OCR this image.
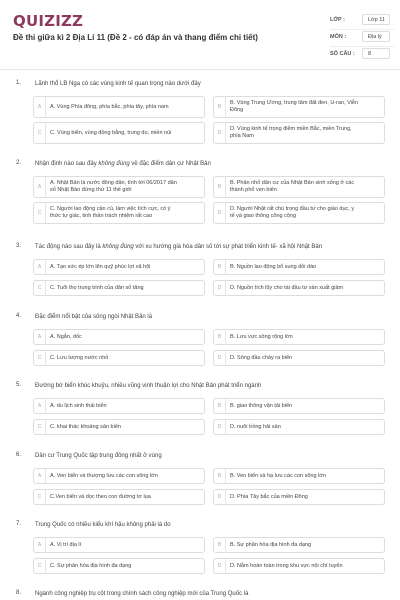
QUIZIZZ
Đề thi giữa kì 2 Địa Lí 11 (Đề 2 - có đáp án và thang điểm chi tiết)
LỚP :	Lớp 11
MÔN :	Địa lý
SỐ CÂU :	8
1. Lãnh thổ LB Nga có các vùng kinh tế quan trọng nào dưới đây
A	A. Vùng Phía đông, phía bắc, phía tây, phía nam	B
B. Vùng Trung Ương, trung tâm đất đen, U-ran, Viễn
Đông
C	C. Vùng biển, vùng đồng bằng, trung du, miền núi	D
D. Vùng kinh tế trọng điểm miền Bắc, miền Trung,
phía Nam
2. Nhận định nào sau đây không đúng về đặc điểm dân cư Nhật Bản
A
A. Nhật Bản là nước đông dân, tính tới 06/2017 dân
số Nhật Bản đứng thứ 11 thế giới	B
B. Phần nhỏ dân cư của Nhật Bản sinh sống ở các
thành phố ven biển
C
C. Người lao động cần cù, làm việc tích cực, có ý
thức tự giác, tinh thần trách nhiệm rất cao	D
D. Người Nhật rất chú trọng đầu tư cho giáo dục, y
tế và giao thông công cộng
3. Tác động nào sau đây là không đúng với xu hướng già hóa dân số tới sự phát triển kinh tế- xã hội Nhật Bản
A	A. Tạo sức ép lớn lên quỹ phúc lợi xã hội	B	B. Nguồn lao động bổ sung dồi dào
C	C. Tuổi thọ trung bình của dân số tăng	D	D. Nguồn tích lũy cho tái đầu tư sản xuất giảm
4. Đặc điểm nổi bật của sông ngòi Nhật Bản là
A	A. Ngắn, dốc	B	B. Lưu vực sông rộng lớn
C	C. Lưu lượng nước nhỏ	D	D. Sông đầu chảy ra biển
5. Đường bờ biển khúc khuỷu, nhiều vũng vịnh thuận lợi cho Nhật Bản phát triển ngành
A	A. du lịch sinh thái biển	B	B. giao thông vận tải biển
C	C. khai thác khoáng sản biển	D	D. nuôi trồng hải sản
6. Dân cư Trung Quốc tập trung đông nhất ở vùng
A	A. Ven biển và thượng lưu các con sông lớn	B	B. Ven biển và hạ lưu các con sông lớn
C	C.Ven biển và dọc theo con đường tơ lụa	D	D. Phía Tây bắc của miền Đông
7. Trung Quốc có nhiều kiểu khí hậu không phải là do
A	A. Vị trí địa lí	B	B. Sự phân hóa địa hình đa dạng
C	C. Sự phân hóa địa hình đa dạng	D	D. Nằm hoàn toàn trong khu vực nội chí tuyến
8. Ngành công nghiệp trụ cột trong chính sách công nghiệp mới của Trung Quốc là
